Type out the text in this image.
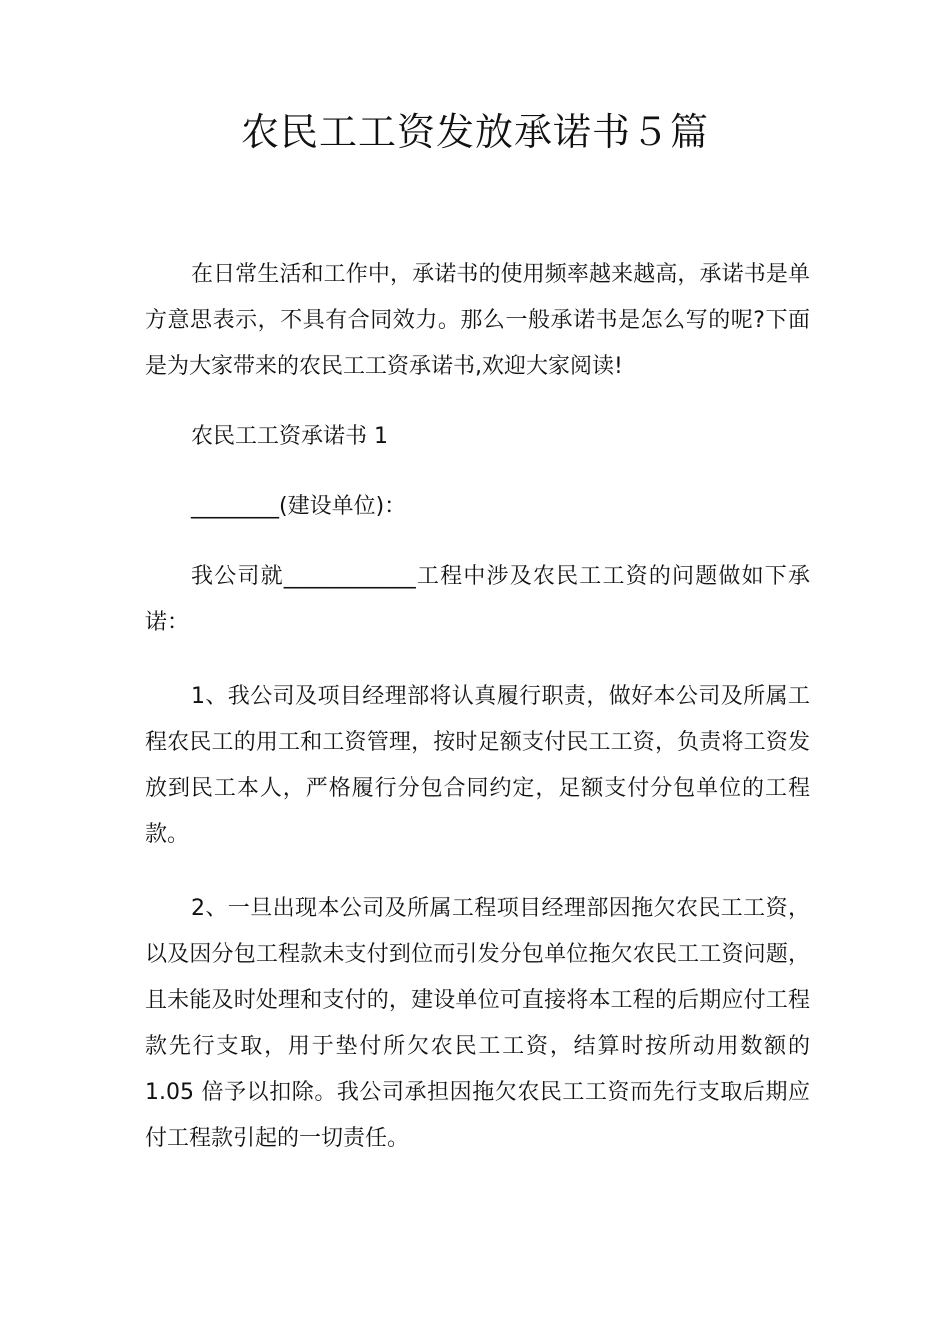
农民工工资发放承诺书５篇

在日常生活和工作中，承诺书的使用频率越来越高，承诺书是单方意思表示，不具有合同效力。那么一般承诺书是怎么写的呢?下面是为大家带来的农民工工资承诺书,欢迎大家阅读!

农民工工资承诺书 1

________(建设单位)：

我公司就____________工程中涉及农民工工资的问题做如下承诺：

1、我公司及项目经理部将认真履行职责，做好本公司及所属工程农民工的用工和工资管理，按时足额支付民工工资，负责将工资发放到民工本人，严格履行分包合同约定，足额支付分包单位的工程款。

2、一旦出现本公司及所属工程项目经理部因拖欠农民工工资，以及因分包工程款未支付到位而引发分包单位拖欠农民工工资问题，且未能及时处理和支付的，建设单位可直接将本工程的后期应付工程款先行支取，用于垫付所欠农民工工资，结算时按所动用数额的 1.05 倍予以扣除。我公司承担因拖欠农民工工资而先行支取后期应付工程款引起的一切责任。
